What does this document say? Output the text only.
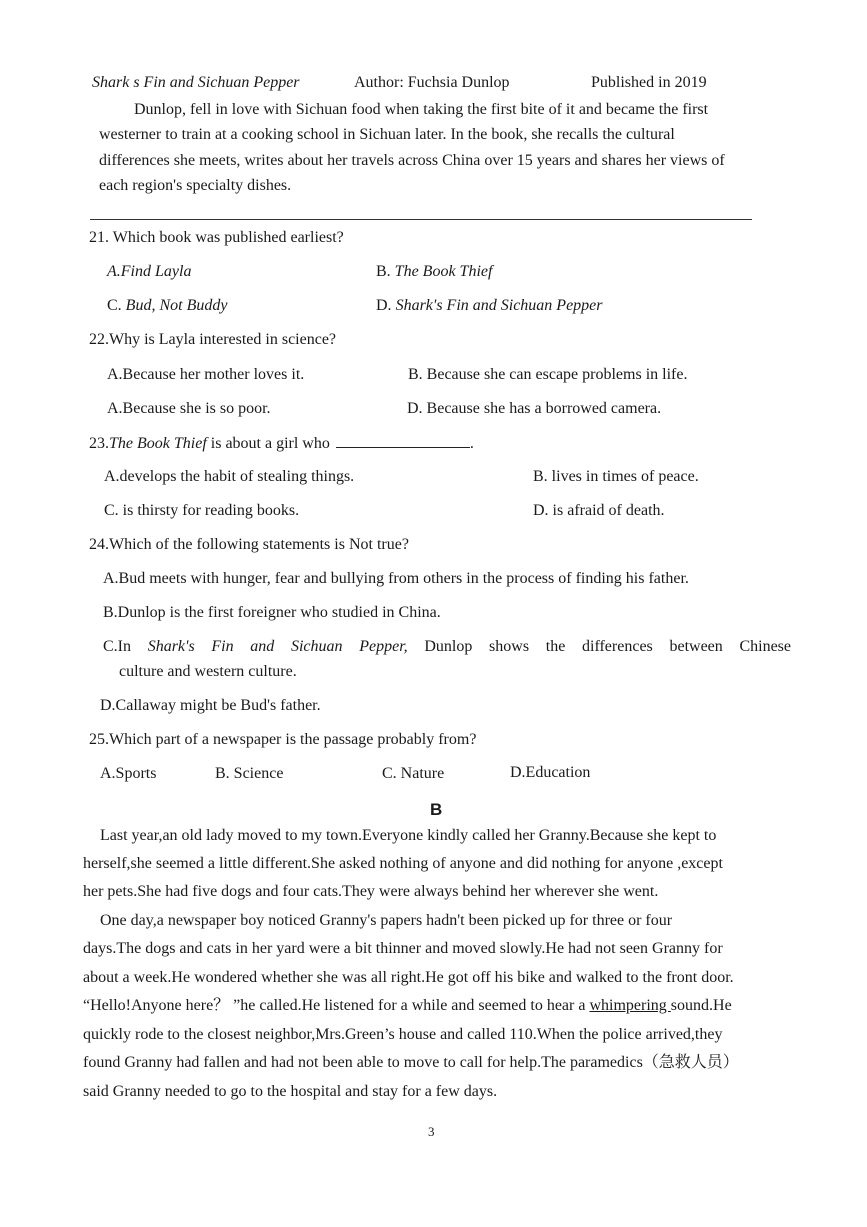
Shark s Fin and Sichuan Pepper	Author: Fuchsia Dunlop	Published in 2019
Dunlop, fell in love with Sichuan food when taking the first bite of it and became the first
westerner to train at a cooking school in Sichuan later. In the book, she recalls the cultural
differences she meets, writes about her travels across China over 15 years and shares her views of
each region's specialty dishes.
21. Which book was published earliest?
A.Find Layla	B. The Book Thief
C. Bud, Not Buddy	D. Shark's Fin and Sichuan Pepper
22.Why is Layla interested in science?
A.Because her mother loves it.	B. Because she can escape problems in life.
A.Because she is so poor.	D. Because she has a borrowed camera.
23.The Book Thief is about a girl who	.
A.develops the habit of stealing things.	B. lives in times of peace.
C. is thirsty for reading books.	D. is afraid of death.
24.Which of the following statements is Not true?
A.Bud meets with hunger, fear and bullying from others in the process of finding his father.
B.Dunlop is the first foreigner who studied in China.
C.In Shark's Fin and Sichuan Pepper, Dunlop shows the differences between Chinese
culture and western culture.
D.Callaway might be Bud's father.
25.Which part of a newspaper is the passage probably from?
A.Sports	B. Science	C. Nature	D.Education
B
Last year,an old lady moved to my town.Everyone kindly called her Granny.Because she kept to
herself,she seemed a little different.She asked nothing of anyone and did nothing for anyone ,except
her pets.She had five dogs and four cats.They were always behind her wherever she went.
One day,a newspaper boy noticed Granny's papers hadn't been picked up for three or four
days.The dogs and cats in her yard were a bit thinner and moved slowly.He had not seen Granny for
about a week.He wondered whether she was all right.He got off his bike and walked to the front door.
“Hello!Anyone here？ ”he called.He listened for a while and seemed to hear a whimpering sound.He
quickly rode to the closest neighbor,Mrs.Green’s house and called 110.When the police arrived,they
found Granny had fallen and had not been able to move to call for help.The paramedics（急救人员）
said Granny needed to go to the hospital and stay for a few days.
3
